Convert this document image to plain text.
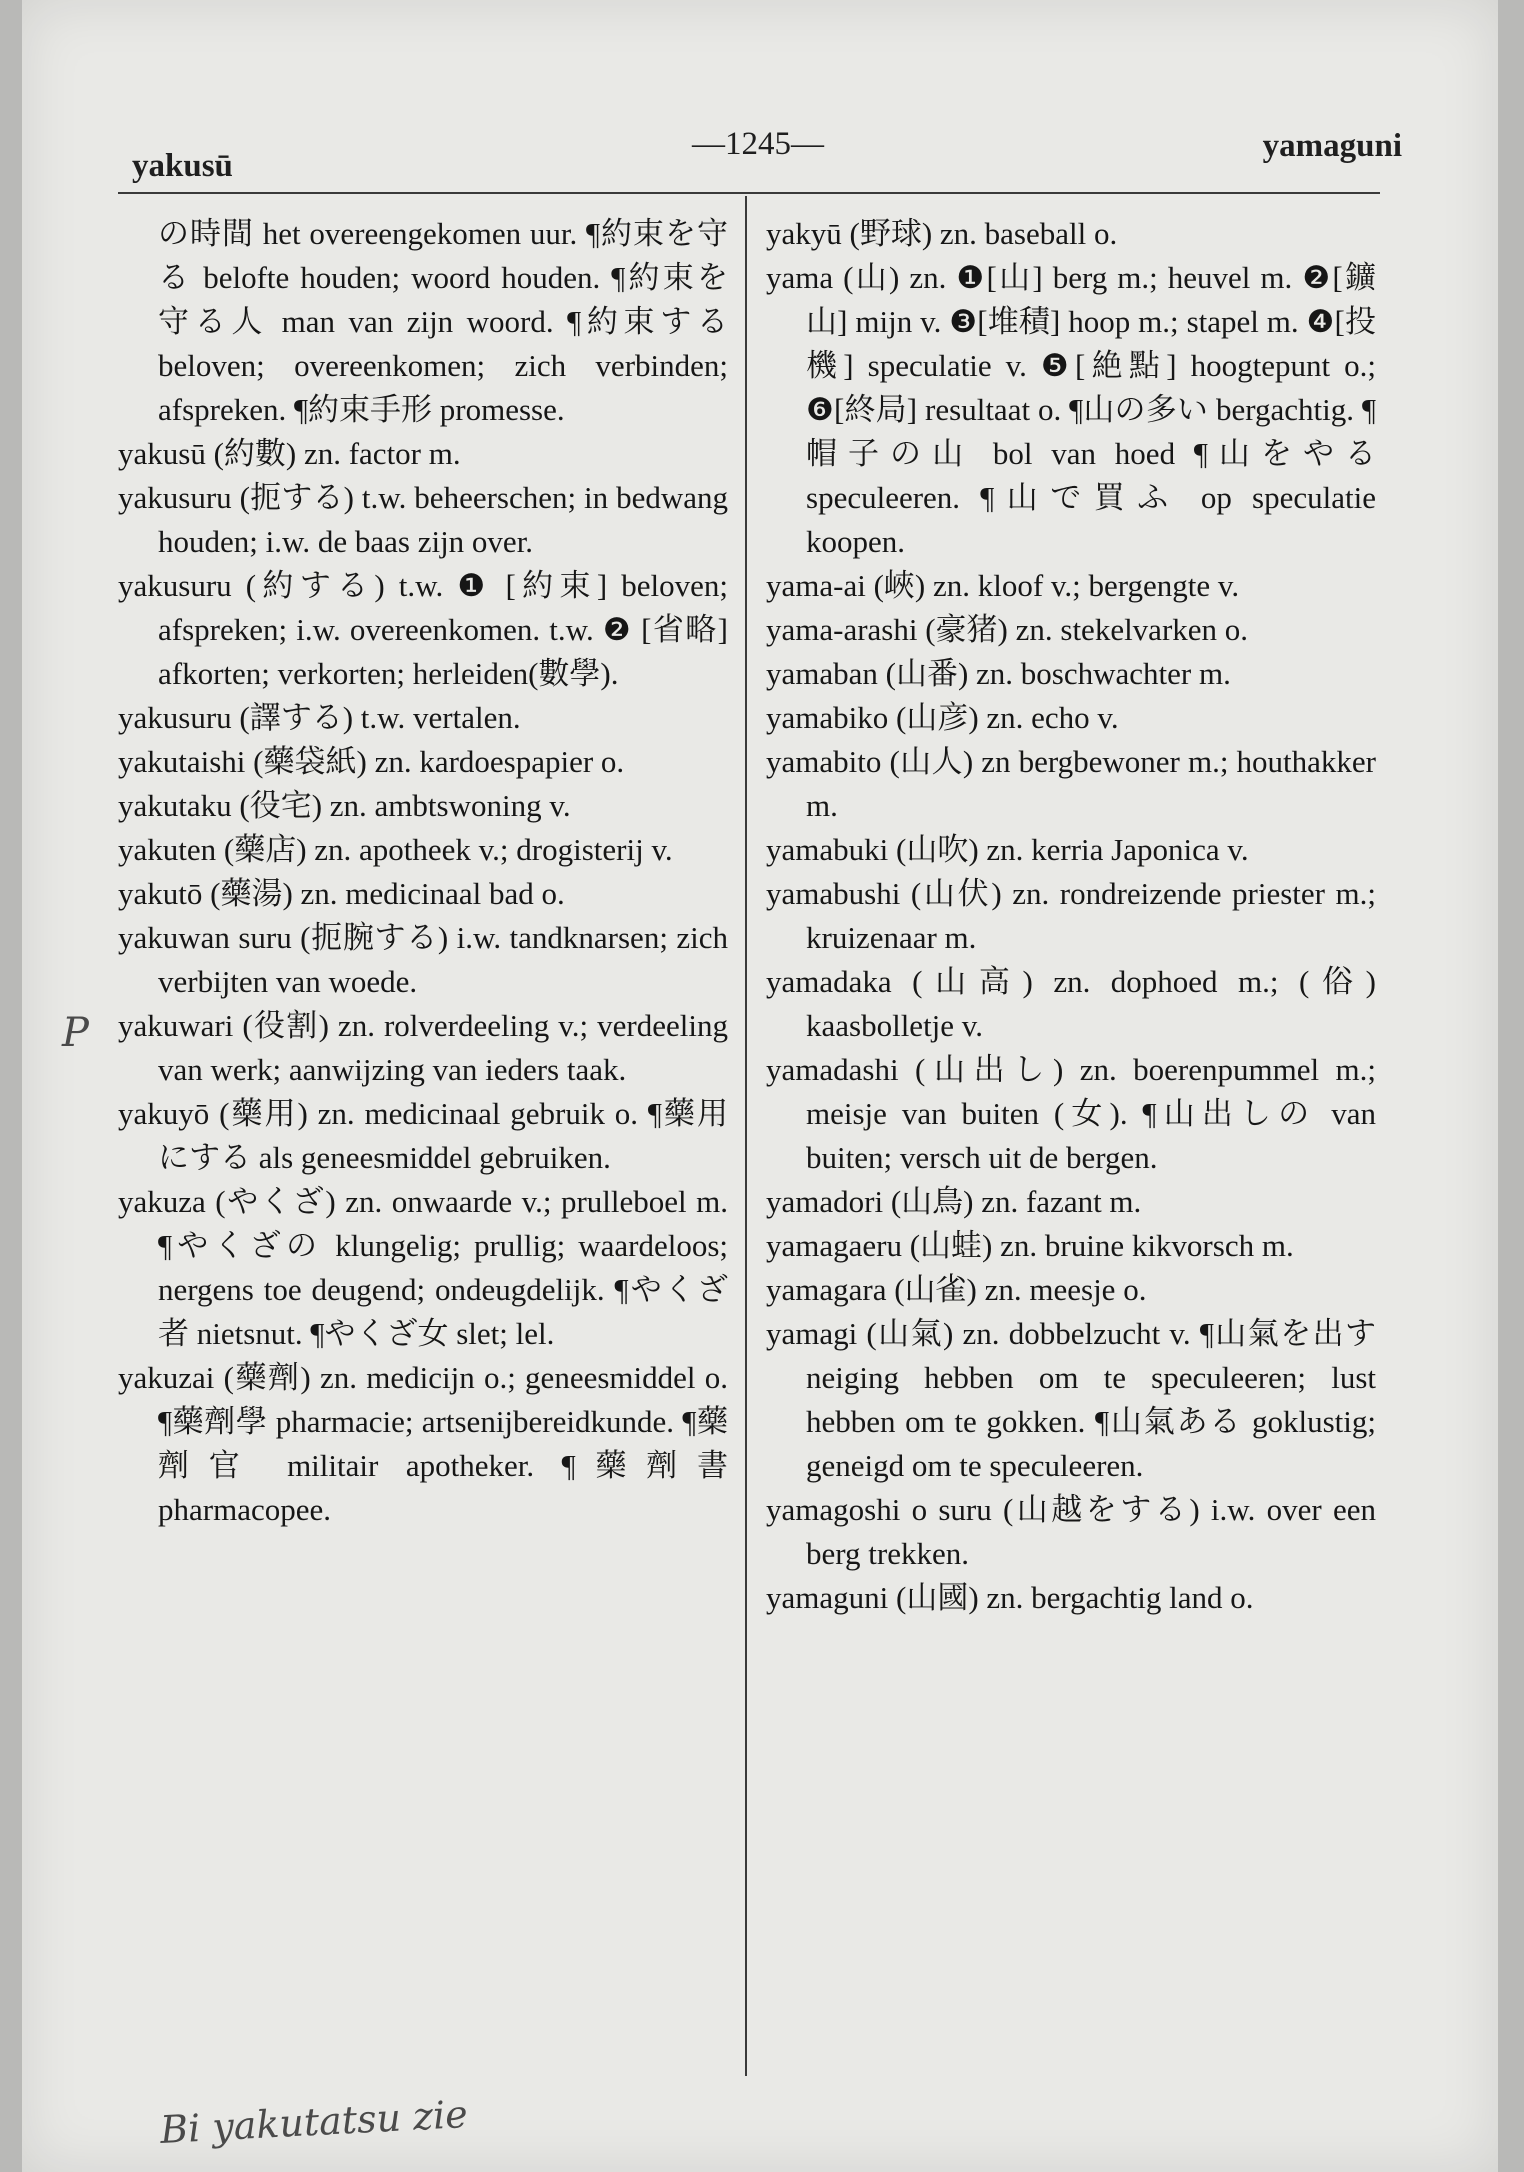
yakusū
—1245—	yamaguni

の時間 het overeengekomen uur. ¶約束を守る belofte houden; woord houden. ¶約束を守る人 man van zijn woord. ¶約束する beloven; overeenkomen; zich verbinden; afspreken. ¶約束手形 promesse.

yakusū (約數) zn. factor m.

yakusuru (扼する) t.w. beheerschen; in bedwang houden; i.w. de baas zijn over.

yakusuru (約する) t.w. ❶ [約束] beloven; afspreken; i.w. overeenkomen. t.w. ❷ [省略] afkorten; verkorten; herleiden(數學).

yakusuru (譯する) t.w. vertalen.

yakutaishi (藥袋紙) zn. kardoespapier o.

yakutaku (役宅) zn. ambtswoning v.

yakuten (藥店) zn. apotheek v.; drogisterij v.

yakutō (藥湯) zn. medicinaal bad o.

yakuwan suru (扼腕する) i.w. tandknarsen; zich verbijten van woede.

yakuwari (役割) zn. rolverdeeling v.; verdeeling van werk; aanwijzing van ieders taak.

yakuyō (藥用) zn. medicinaal gebruik o. ¶藥用にする als geneesmiddel gebruiken.

yakuza (やくざ) zn. onwaarde v.; prulleboel m. ¶やくざの klungelig; prullig; waardeloos; nergens toe deugend; ondeugdelijk. ¶やくざ者 nietsnut. ¶やくざ女 slet; lel.

yakuzai (藥劑) zn. medicijn o.; geneesmiddel o. ¶藥劑學 pharmacie; artsenijbereidkunde. ¶藥劑官 militair apotheker. ¶藥劑書 pharmacopee.

yakyū (野球) zn. baseball o.

yama (山) zn. ❶[山] berg m.; heuvel m. ❷[鑛山] mijn v. ❸[堆積] hoop m.; stapel m. ❹[投機] speculatie v. ❺[絶點] hoogtepunt o.; ❻[終局] resultaat o. ¶山の多い bergachtig. ¶帽子の山 bol van hoed ¶山をやる speculeeren. ¶山で買ふ op speculatie koopen.

yama-ai (峽) zn. kloof v.; bergengte v.

yama-arashi (豪猪) zn. stekelvarken o.

yamaban (山番) zn. boschwachter m.

yamabiko (山彦) zn. echo v.

yamabito (山人) zn bergbewoner m.; houthakker m.

yamabuki (山吹) zn. kerria Japonica v.

yamabushi (山伏) zn. rondreizende priester m.; kruizenaar m.

yamadaka (山高) zn. dophoed m.; (俗) kaasbolletje v.

yamadashi (山出し) zn. boerenpummel m.; meisje van buiten (女). ¶山出しの van buiten; versch uit de bergen.

yamadori (山鳥) zn. fazant m.

yamagaeru (山蛙) zn. bruine kikvorsch m.

yamagara (山雀) zn. meesje o.

yamagi (山氣) zn. dobbelzucht v. ¶山氣を出す neiging hebben om te speculeeren; lust hebben om te gokken. ¶山氣ある goklustig; geneigd om te speculeeren.

yamagoshi o suru (山越をする) i.w. over een berg trekken.

yamaguni (山國) zn. bergachtig land o.

P
Bi yakutatsu zie
